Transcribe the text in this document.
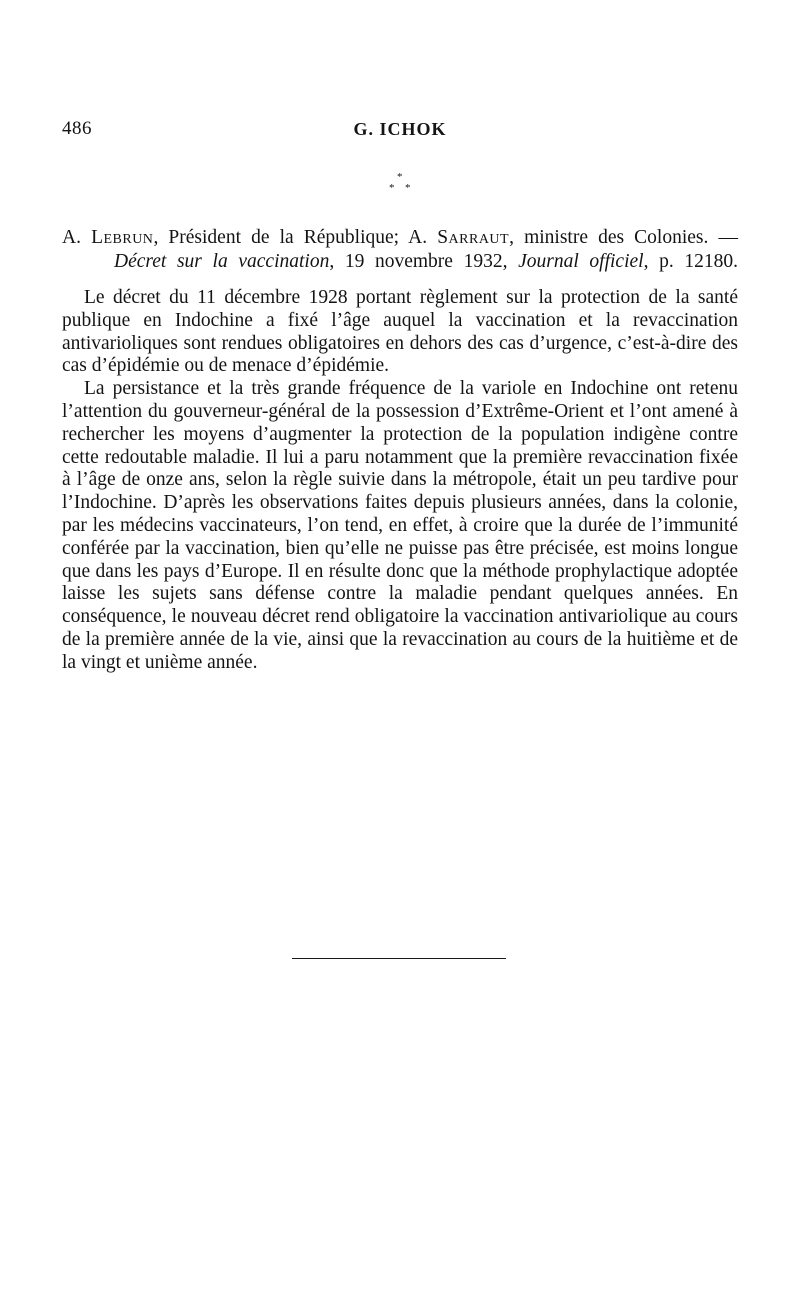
486	G. ICHOK
*
* *
A. Lebrun, Président de la République; A. Sarraut, ministre des Colonies. —
Décret sur la vaccination, 19 novembre 1932, Journal officiel, p. 12180.

Le décret du 11 décembre 1928 portant règlement sur la protection de la santé publique en Indochine a fixé l’âge auquel la vaccination et la revaccination antivarioliques sont rendues obligatoires en dehors des cas d’urgence, c’est-à-dire des cas d’épidémie ou de menace d’épidémie.

La persistance et la très grande fréquence de la variole en Indochine ont retenu l’attention du gouverneur-général de la possession d’Extrême-Orient et l’ont amené à rechercher les moyens d’augmenter la protection de la population indigène contre cette redoutable maladie. Il lui a paru notamment que la première revaccination fixée à l’âge de onze ans, selon la règle suivie dans la métropole, était un peu tardive pour l’Indochine. D’après les observations faites depuis plusieurs années, dans la colonie, par les médecins vaccinateurs, l’on tend, en effet, à croire que la durée de l’immunité conférée par la vaccination, bien qu’elle ne puisse pas être précisée, est moins longue que dans les pays d’Europe. Il en résulte donc que la méthode prophylactique adoptée laisse les sujets sans défense contre la maladie pendant quelques années. En conséquence, le nouveau décret rend obligatoire la vaccination antivariolique au cours de la première année de la vie, ainsi que la revaccination au cours de la huitième et de la vingt et unième année.
